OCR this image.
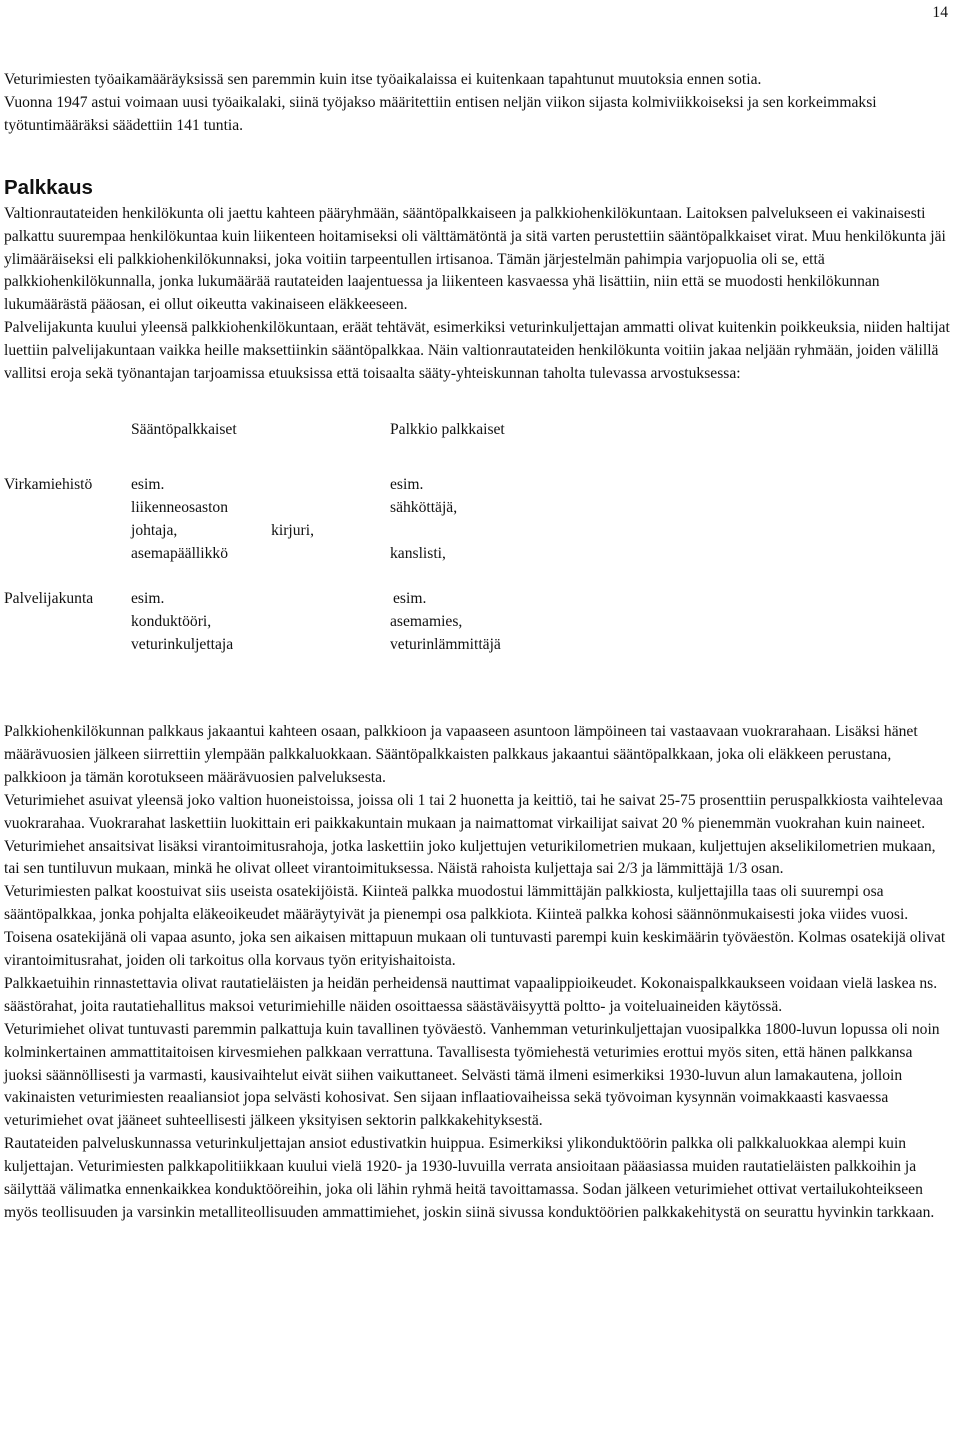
14

Veturimiesten työaikamääräyksissä sen paremmin kuin itse työaikalaissa ei kuitenkaan tapahtunut muutoksia ennen sotia.

Vuonna 1947 astui voimaan uusi työaikalaki, siinä työjakso määritettiin entisen neljän viikon sijasta kolmiviikkoiseksi ja sen korkeimmaksi työtuntimääräksi säädettiin 141 tuntia.

Palkkaus

Valtionrautateiden henkilökunta oli jaettu kahteen pääryhmään, sääntöpalkkaiseen ja palkkiohenkilökuntaan. Laitoksen palvelukseen ei vakinaisesti palkattu suurempaa henkilökuntaa kuin liikenteen hoitamiseksi oli välttämätöntä ja sitä varten perustettiin sääntöpalkkaiset virat. Muu henkilökunta jäi ylimääräiseksi eli palkkiohenkilökunnaksi, joka voitiin tarpeentullen irtisanoa. Tämän järjestelmän pahimpia varjopuolia oli se, että palkkiohenkilökunnalla, jonka lukumäärää rautateiden laajentuessa ja liikenteen kasvaessa yhä lisättiin, niin että se muodosti henkilökunnan lukumäärästä pääosan, ei ollut oikeutta vakinaiseen eläkkeeseen.

Palvelijakunta kuului yleensä palkkiohenkilökuntaan, eräät tehtävät, esimerkiksi veturinkuljettajan ammatti olivat kuitenkin poikkeuksia, niiden haltijat luettiin palvelijakuntaan vaikka heille maksettiinkin sääntöpalkkaa. Näin valtionrautateiden henkilökunta voitiin jakaa neljään ryhmään, joiden välillä vallitsi eroja sekä työnantajan tarjoamissa etuuksissa että toisaalta sääty-yhteiskunnan taholta tulevassa arvostuksessa:

Sääntöpalkkaiset	Palkkio palkkaiset
Virkamiehistö esim.
liikenneosaston
johtaja,	kirjuri,
asemapäällikkö
esim.
sähköttäjä,
kanslisti,
Palvelijakunta esim.
konduktööri,
veturinkuljettaja
esim.
asemamies,
veturinlämmittäjä

Palkkiohenkilökunnan palkkaus jakaantui kahteen osaan, palkkioon ja vapaaseen asuntoon lämpöineen tai vastaavaan vuokrarahaan. Lisäksi hänet määrävuosien jälkeen siirrettiin ylempään palkkaluokkaan. Sääntöpalkkaisten palkkaus jakaantui sääntöpalkkaan, joka oli eläkkeen perustana, palkkioon ja tämän korotukseen määrävuosien palveluksesta.

Veturimiehet asuivat yleensä joko valtion huoneistoissa, joissa oli 1 tai 2 huonetta ja keittiö, tai he saivat 25-75 prosenttiin peruspalkkiosta vaihtelevaa vuokrarahaa. Vuokrarahat laskettiin luokittain eri paikkakuntain mukaan ja naimattomat virkailijat saivat 20 % pienemmän vuokrahan kuin naineet.

Veturimiehet ansaitsivat lisäksi virantoimitusrahoja, jotka laskettiin joko kuljettujen veturikilometrien mukaan, kuljettujen akselikilometrien mukaan, tai sen tuntiluvun mukaan, minkä he olivat olleet virantoimituksessa. Näistä rahoista kuljettaja sai 2/3 ja lämmittäjä 1/3 osan.

Veturimiesten palkat koostuivat siis useista osatekijöistä. Kiinteä palkka muodostui lämmittäjän palkkiosta, kuljettajilla taas oli suurempi osa sääntöpalkkaa, jonka pohjalta eläkeoikeudet määräytyivät ja pienempi osa palkkiota. Kiinteä palkka kohosi säännönmukaisesti joka viides vuosi.

Toisena osatekijänä oli vapaa asunto, joka sen aikaisen mittapuun mukaan oli tuntuvasti parempi kuin keskimäärin työväestön. Kolmas osatekijä olivat virantoimitusrahat, joiden oli tarkoitus olla korvaus työn erityishaitoista.

Palkkaetuihin rinnastettavia olivat rautatieläisten ja heidän perheidensä nauttimat vapaalippioikeudet. Kokonaispalkkaukseen voidaan vielä laskea ns. säästörahat, joita rautatiehallitus maksoi veturimiehille näiden osoittaessa säästäväisyyttä poltto- ja voiteluaineiden käytössä.

Veturimiehet olivat tuntuvasti paremmin palkattuja kuin tavallinen työväestö. Vanhemman veturinkuljettajan vuosipalkka 1800-luvun lopussa oli noin kolminkertainen ammattitaitoisen kirvesmiehen palkkaan verrattuna. Tavallisesta työmiehestä veturimies erottui myös siten, että hänen palkkansa juoksi säännöllisesti ja varmasti, kausivaihtelut eivät siihen vaikuttaneet. Selvästi tämä ilmeni esimerkiksi 1930-luvun alun lamakautena, jolloin vakinaisten veturimiesten reaaliansiot jopa selvästi kohosivat. Sen sijaan inflaatiovaiheissa sekä työvoiman kysynnän voimakkaasti kasvaessa veturimiehet ovat jääneet suhteellisesti jälkeen yksityisen sektorin palkkakehityksestä.

Rautateiden palveluskunnassa veturinkuljettajan ansiot edustivatkin huippua. Esimerkiksi ylikonduktöörin palkka oli palkkaluokkaa alempi kuin kuljettajan. Veturimiesten palkkapolitiikkaan kuului vielä 1920- ja 1930-luvuilla verrata ansioitaan pääasiassa muiden rautatieläisten palkkoihin ja säilyttää välimatka ennenkaikkea konduktööreihin, joka oli lähin ryhmä heitä tavoittamassa. Sodan jälkeen veturimiehet ottivat vertailukohteikseen myös teollisuuden ja varsinkin metalliteollisuuden ammattimiehet, joskin siinä sivussa konduktöörien palkkakehitystä on seurattu hyvinkin tarkkaan.
